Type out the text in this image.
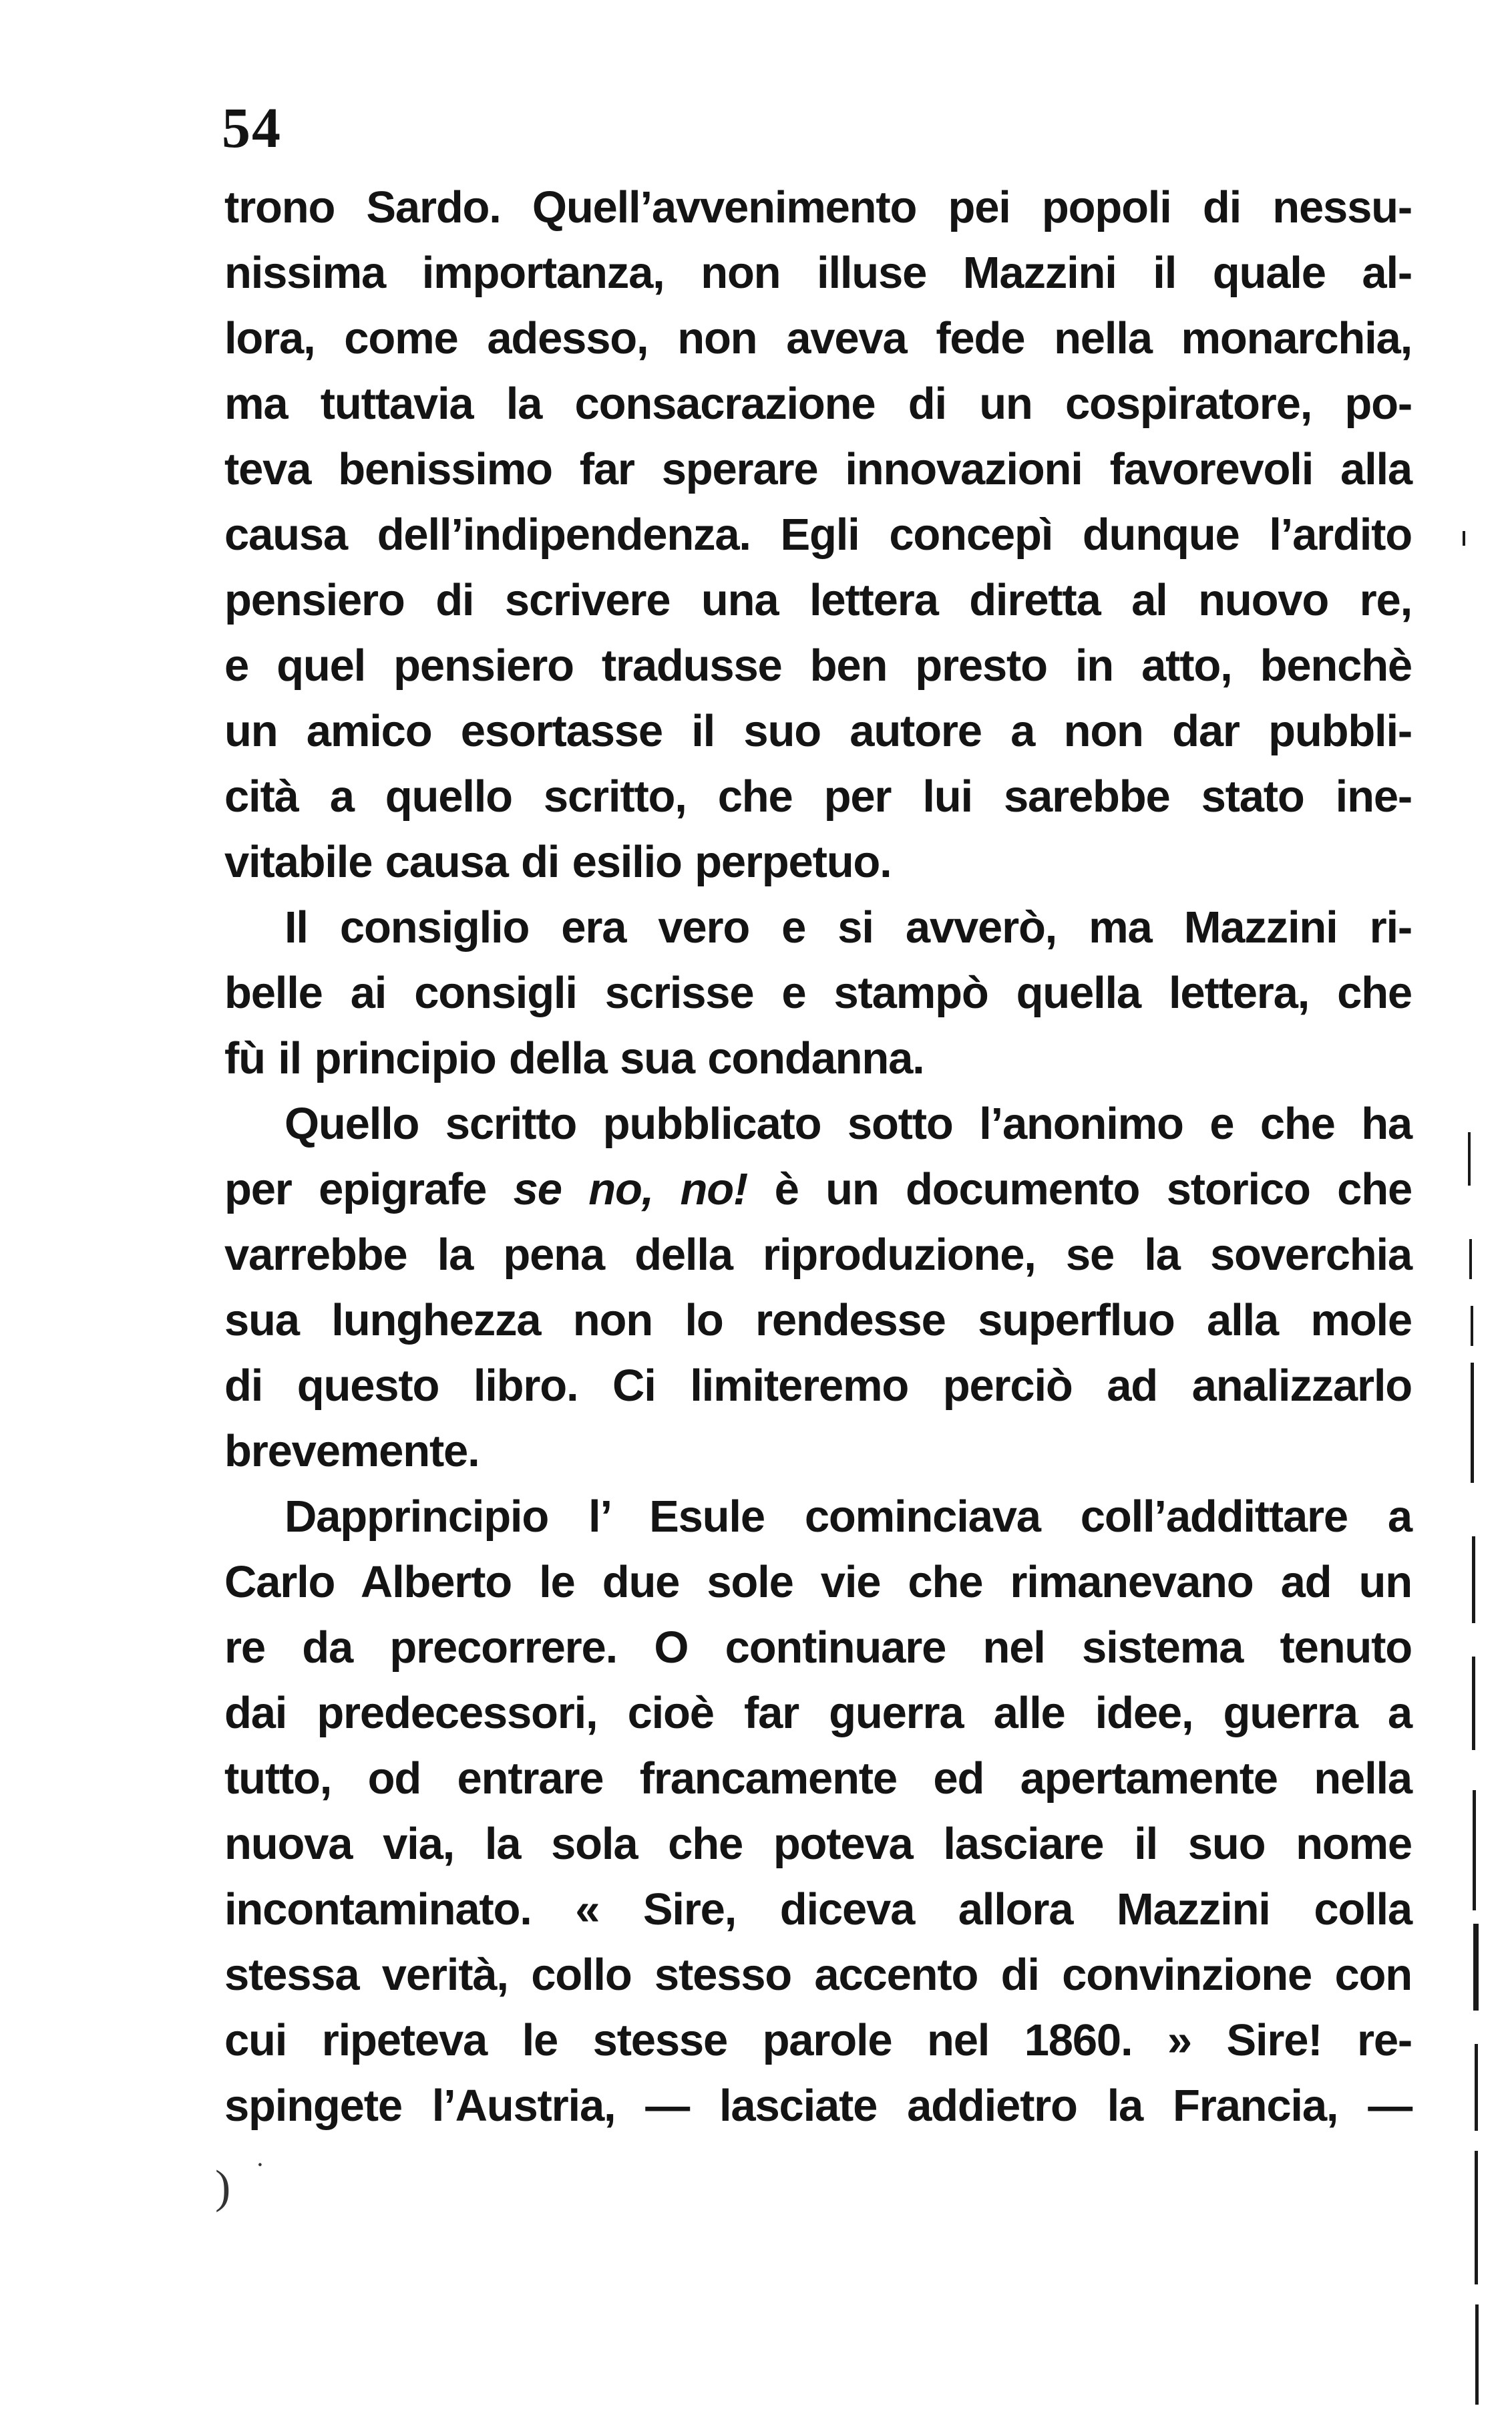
54
trono Sardo. Quell’avvenimento pei popoli di nessu-
nissima importanza, non illuse Mazzini il quale al-
lora, come adesso, non aveva fede nella monarchia,
ma tuttavia la consacrazione di un cospiratore, po-
teva benissimo far sperare innovazioni favorevoli alla
causa dell’indipendenza. Egli concepì dunque l’ardito
pensiero di scrivere una lettera diretta al nuovo re,
e quel pensiero tradusse ben presto in atto, benchè
un amico esortasse il suo autore a non dar pubbli-
cità a quello scritto, che per lui sarebbe stato ine-
vitabile causa di esilio perpetuo.
Il consiglio era vero e si avverò, ma Mazzini ri-
belle ai consigli scrisse e stampò quella lettera, che
fù il principio della sua condanna.
Quello scritto pubblicato sotto l’anonimo e che ha
per epigrafe se no, no! è un documento storico che
varrebbe la pena della riproduzione, se la soverchia
sua lunghezza non lo rendesse superfluo alla mole
di questo libro. Ci limiteremo perciò ad analizzarlo
brevemente.
Dapprincipio l’ Esule cominciava coll’addittare a
Carlo Alberto le due sole vie che rimanevano ad un
re da precorrere. O continuare nel sistema tenuto
dai predecessori, cioè far guerra alle idee, guerra a
tutto, od entrare francamente ed apertamente nella
nuova via, la sola che poteva lasciare il suo nome
incontaminato. « Sire, diceva allora Mazzini colla
stessa verità, collo stesso accento di convinzione con
cui ripeteva le stesse parole nel 1860. » Sire! re-
spingete l’Austria, — lasciate addietro la Francia, —
) ˙
